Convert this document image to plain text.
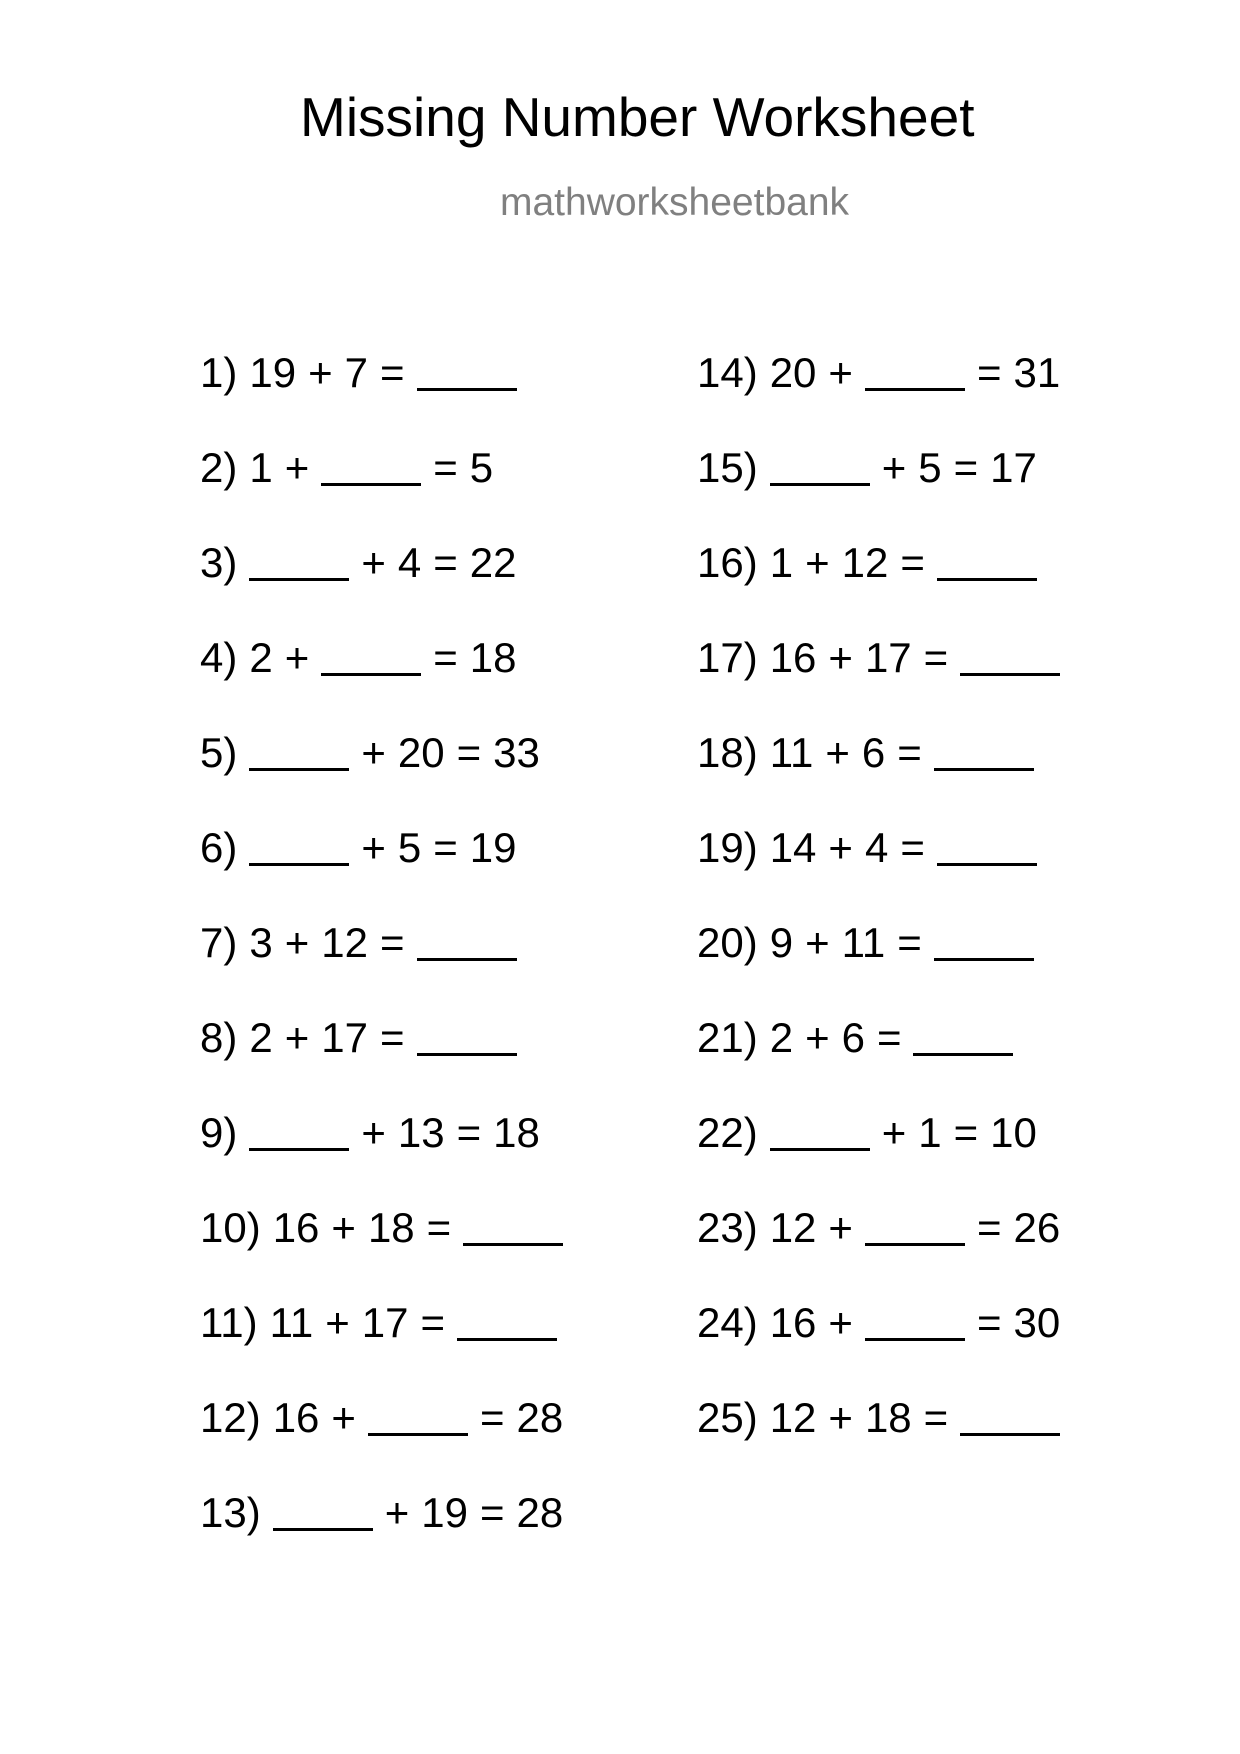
Missing Number Worksheet
mathworksheetbank
1) 19 + 7 =
2) 1 +	= 5
3)	+ 4 = 22
4) 2 +	= 18
5)	+ 20 = 33
6)	+ 5 = 19
7) 3 + 12 =
8) 2 + 17 =
9)	+ 13 = 18
10) 16 + 18 =
11) 11 + 17 =
12) 16 +	= 28
13)	+ 19 = 28
14) 20 +	= 31
15)	+ 5 = 17
16) 1 + 12 =
17) 16 + 17 =
18) 11 + 6 =
19) 14 + 4 =
20) 9 + 11 =
21) 2 + 6 =
22)	+ 1 = 10
23) 12 +	= 26
24) 16 +	= 30
25) 12 + 18 =
